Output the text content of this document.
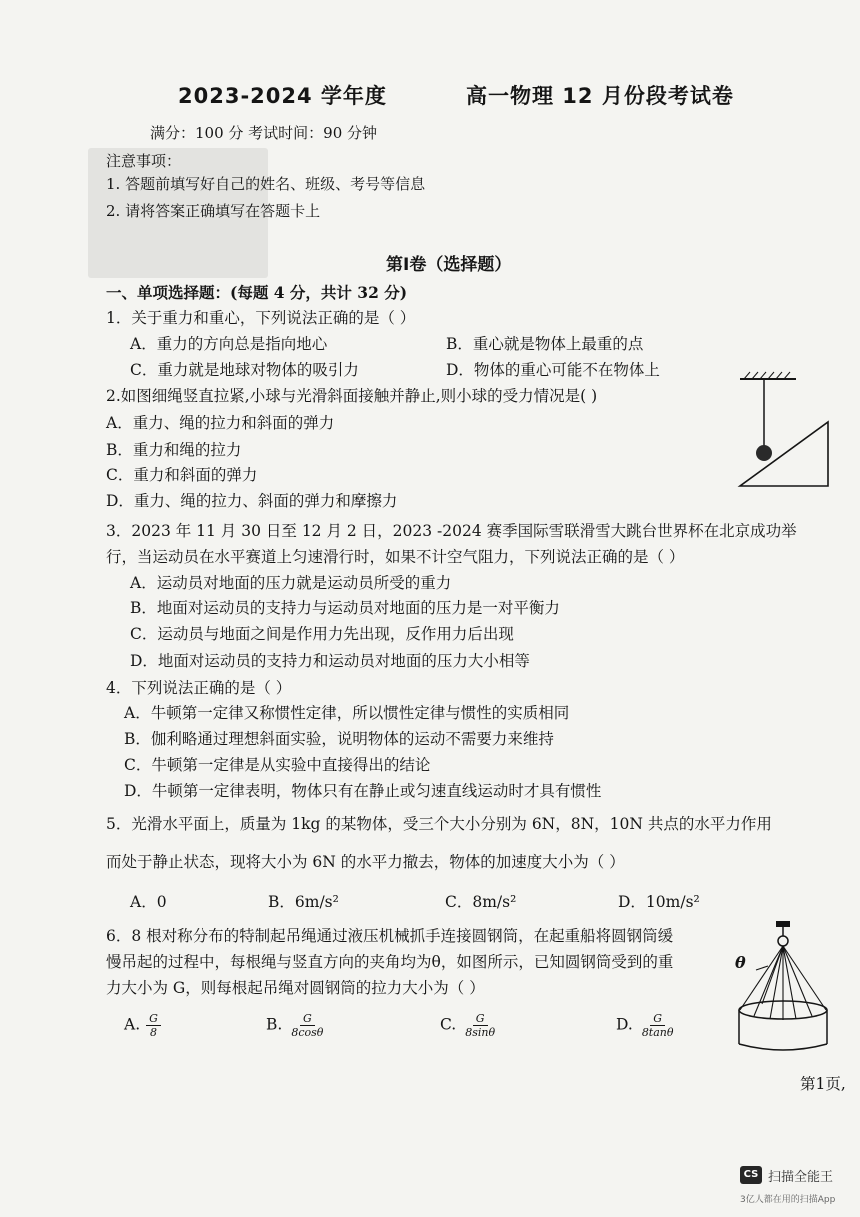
2023-2024 学年度	高一物理 12 月份段考试卷
满分：100 分 考试时间：90 分钟
注意事项：
1. 答题前填写好自己的姓名、班级、考号等信息
2. 请将答案正确填写在答题卡上
第Ⅰ卷（选择题）
一、单项选择题：(每题 4 分，共计 32 分)
1．关于重力和重心，下列说法正确的是（ ）
A．重力的方向总是指向地心	B．重心就是物体上最重的点
C．重力就是地球对物体的吸引力	D．物体的重心可能不在物体上
2.如图细绳竖直拉紧,小球与光滑斜面接触并静止,则小球的受力情况是( )
A．重力、绳的拉力和斜面的弹力
B．重力和绳的拉力
C．重力和斜面的弹力
D．重力、绳的拉力、斜面的弹力和摩擦力
3．2023 年 11 月 30 日至 12 月 2 日，2023 -2024 赛季国际雪联滑雪大跳台世界杯在北京成功举
行，当运动员在水平赛道上匀速滑行时，如果不计空气阻力，下列说法正确的是（ ）
A．运动员对地面的压力就是运动员所受的重力
B．地面对运动员的支持力与运动员对地面的压力是一对平衡力
C．运动员与地面之间是作用力先出现，反作用力后出现
D．地面对运动员的支持力和运动员对地面的压力大小相等
4．下列说法正确的是（ ）
A．牛顿第一定律又称惯性定律，所以惯性定律与惯性的实质相同
B．伽利略通过理想斜面实验，说明物体的运动不需要力来维持
C．牛顿第一定律是从实验中直接得出的结论
D．牛顿第一定律表明，物体只有在静止或匀速直线运动时才具有惯性
5．光滑水平面上，质量为 1kg 的某物体，受三个大小分别为 6N，8N，10N 共点的水平力作用
而处于静止状态，现将大小为 6N 的水平力撤去，物体的加速度大小为（ ）
A．0	B．6m/s²	C．8m/s²	D．10m/s²
6．8 根对称分布的特制起吊绳通过液压机械抓手连接圆钢筒，在起重船将圆钢筒缓
慢吊起的过程中，每根绳与竖直方向的夹角均为θ，如图所示，已知圆钢筒受到的重
力大小为 G，则每根起吊绳对圆钢筒的拉力大小为（ ）
A. $\frac{G}{8}$	B. $\frac{G}{8\cos\theta}$	C. $\frac{G}{8\sin\theta}$	D. $\frac{G}{8\tan\theta}$
θ
第1页,
CS 扫描全能王
3亿人都在用的扫描App
